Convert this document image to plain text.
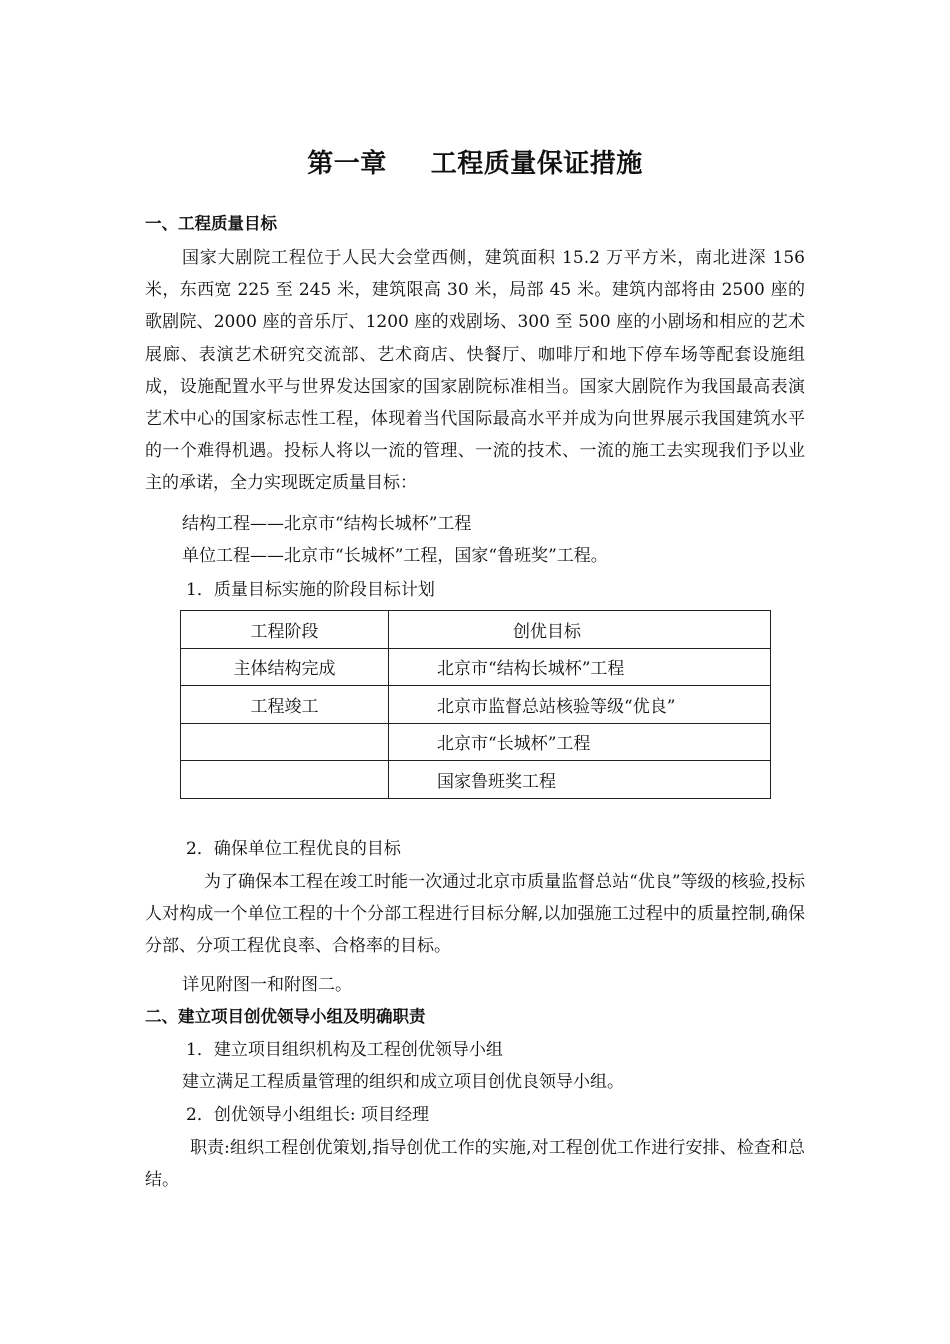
第一章 工程质量保证措施
一、工程质量目标
国家大剧院工程位于人民大会堂西侧，建筑面积 15.2 万平方米，南北进深 156 米，东西宽 225 至 245 米，建筑限高 30 米，局部 45 米。建筑内部将由 2500 座的歌剧院、2000 座的音乐厅、1200 座的戏剧场、300 至 500 座的小剧场和相应的艺术展廊、表演艺术研究交流部、艺术商店、快餐厅、咖啡厅和地下停车场等配套设施组成，设施配置水平与世界发达国家的国家剧院标准相当。国家大剧院作为我国最高表演艺术中心的国家标志性工程，体现着当代国际最高水平并成为向世界展示我国建筑水平的一个难得机遇。投标人将以一流的管理、一流的技术、一流的施工去实现我们予以业主的承诺，全力实现既定质量目标：
结构工程——北京市“结构长城杯”工程
单位工程——北京市“长城杯”工程，国家“鲁班奖”工程。
1．质量目标实施的阶段目标计划
工程阶段	创优目标
主体结构完成	北京市“结构长城杯”工程
工程竣工	北京市监督总站核验等级“优良”
	北京市“长城杯”工程
	国家鲁班奖工程
2．确保单位工程优良的目标
为了确保本工程在竣工时能一次通过北京市质量监督总站“优良”等级的核验,投标人对构成一个单位工程的十个分部工程进行目标分解,以加强施工过程中的质量控制,确保分部、分项工程优良率、合格率的目标。
详见附图一和附图二。
二、建立项目创优领导小组及明确职责
1．建立项目组织机构及工程创优领导小组
建立满足工程质量管理的组织和成立项目创优良领导小组。
2．创优领导小组组长: 项目经理
职责:组织工程创优策划,指导创优工作的实施,对工程创优工作进行安排、检查和总结。
